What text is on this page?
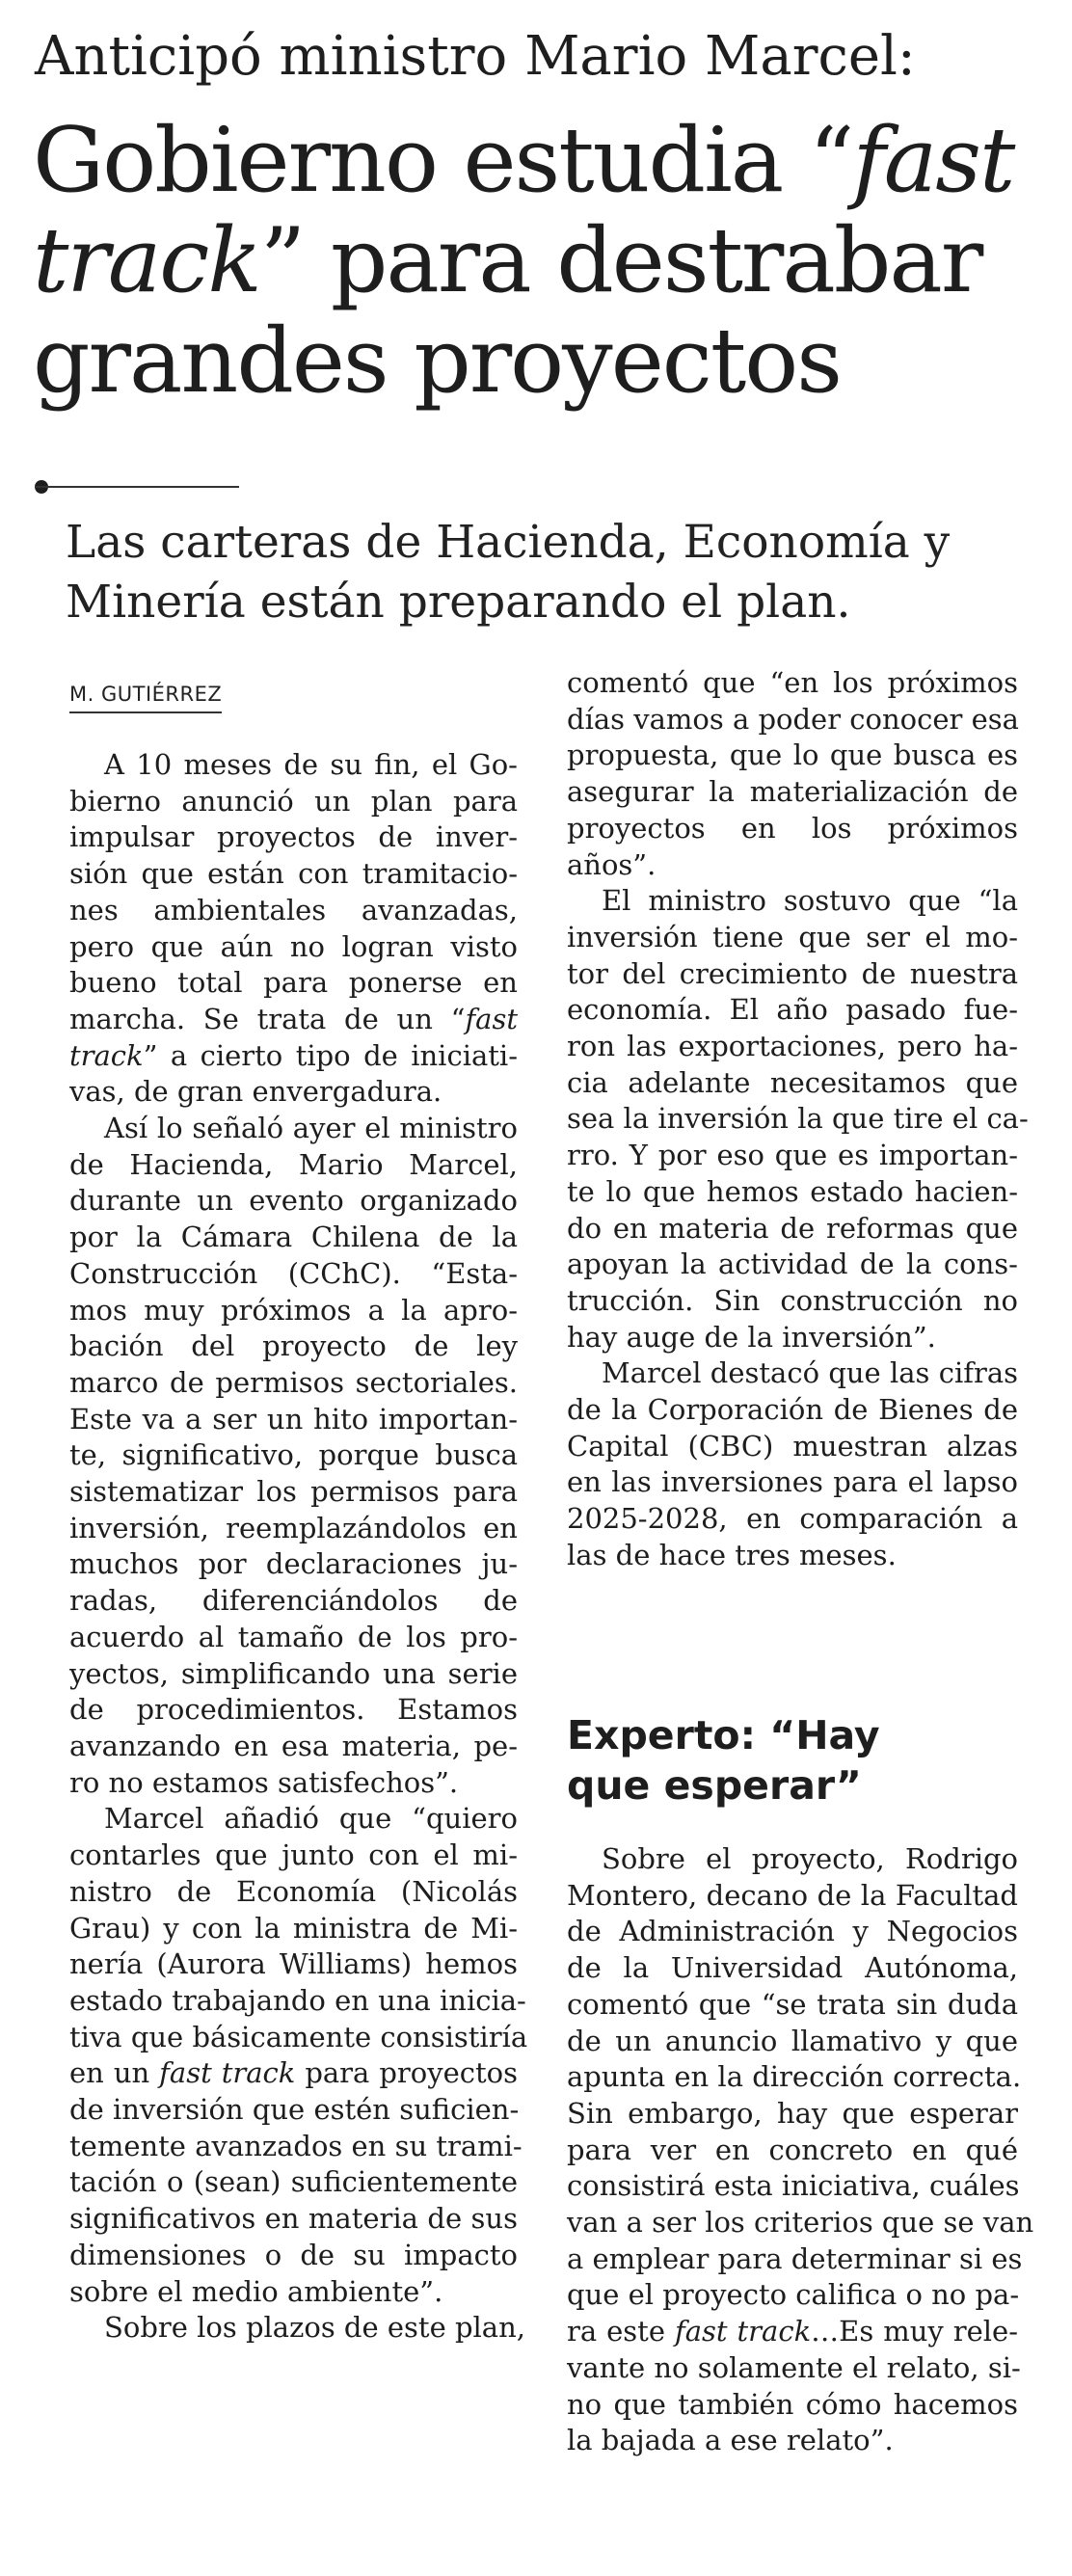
Anticipó ministro Mario Marcel:
Gobierno estudia “fast
track” para destrabar
grandes proyectos
Las carteras de Hacienda, Economía y
Minería están preparando el plan.
M. GUTIÉRREZ
A 10 meses de su fin, el Go-
bierno anunció un plan para
impulsar proyectos de inver-
sión que están con tramitacio-
nes ambientales avanzadas,
pero que aún no logran visto
bueno total para ponerse en
marcha. Se trata de un “fast
track” a cierto tipo de iniciati-
vas, de gran envergadura.
Así lo señaló ayer el ministro
de Hacienda, Mario Marcel,
durante un evento organizado
por la Cámara Chilena de la
Construcción (CChC). “Esta-
mos muy próximos a la apro-
bación del proyecto de ley
marco de permisos sectoriales.
Este va a ser un hito importan-
te, significativo, porque busca
sistematizar los permisos para
inversión, reemplazándolos en
muchos por declaraciones ju-
radas, diferenciándolos de
acuerdo al tamaño de los pro-
yectos, simplificando una serie
de procedimientos. Estamos
avanzando en esa materia, pe-
ro no estamos satisfechos”.
Marcel añadió que “quiero
contarles que junto con el mi-
nistro de Economía (Nicolás
Grau) y con la ministra de Mi-
nería (Aurora Williams) hemos
estado trabajando en una inicia-
tiva que básicamente consistiría
en un fast track para proyectos
de inversión que estén suficien-
temente avanzados en su trami-
tación o (sean) suficientemente
significativos en materia de sus
dimensiones o de su impacto
sobre el medio ambiente”.
Sobre los plazos de este plan,
comentó que “en los próximos
días vamos a poder conocer esa
propuesta, que lo que busca es
asegurar la materialización de
proyectos en los próximos
años”.
El ministro sostuvo que “la
inversión tiene que ser el mo-
tor del crecimiento de nuestra
economía. El año pasado fue-
ron las exportaciones, pero ha-
cia adelante necesitamos que
sea la inversión la que tire el ca-
rro. Y por eso que es importan-
te lo que hemos estado hacien-
do en materia de reformas que
apoyan la actividad de la cons-
trucción. Sin construcción no
hay auge de la inversión”.
Marcel destacó que las cifras
de la Corporación de Bienes de
Capital (CBC) muestran alzas
en las inversiones para el lapso
2025-2028, en comparación a
las de hace tres meses.
Experto: “Hay
que esperar”
Sobre el proyecto, Rodrigo
Montero, decano de la Facultad
de Administración y Negocios
de la Universidad Autónoma,
comentó que “se trata sin duda
de un anuncio llamativo y que
apunta en la dirección correcta.
Sin embargo, hay que esperar
para ver en concreto en qué
consistirá esta iniciativa, cuáles
van a ser los criterios que se van
a emplear para determinar si es
que el proyecto califica o no pa-
ra este fast track…Es muy rele-
vante no solamente el relato, si-
no que también cómo hacemos
la bajada a ese relato”.
